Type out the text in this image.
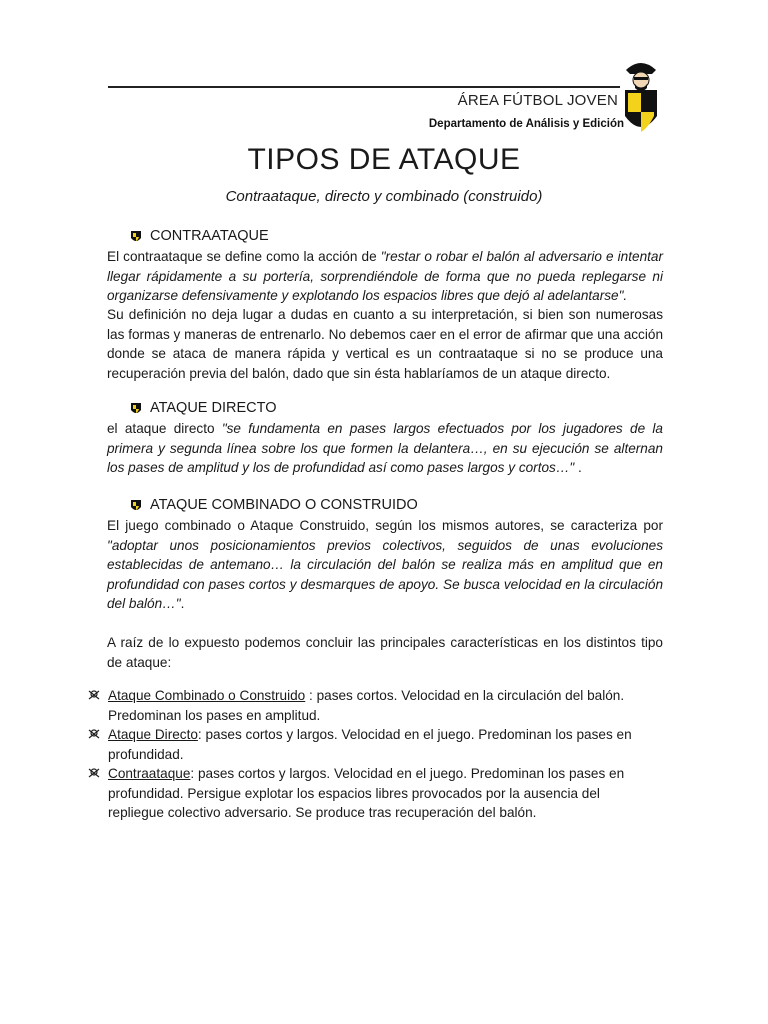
ÁREA FÚTBOL JOVEN
Departamento de Análisis y Edición
TIPOS DE ATAQUE
Contraataque, directo y combinado (construido)
CONTRAATAQUE
El contraataque se define como la acción de "restar o robar el balón al adversario e intentar llegar rápidamente a su portería, sorprendiéndole de forma que no pueda replegarse ni organizarse defensivamente y explotando los espacios libres que dejó al adelantarse".
Su definición no deja lugar a dudas en cuanto a su interpretación, si bien son numerosas las formas y maneras de entrenarlo. No debemos caer en el error de afirmar que una acción donde se ataca de manera rápida y vertical es un contraataque si no se produce una recuperación previa del balón, dado que sin ésta hablaríamos de un ataque directo.
ATAQUE DIRECTO
el ataque directo "se fundamenta en pases largos efectuados por los jugadores de la primera y segunda línea sobre los que formen la delantera…, en su ejecución se alternan los pases de amplitud y los de profundidad así como pases largos y cortos…" .
ATAQUE COMBINADO O CONSTRUIDO
El juego combinado o Ataque Construido, según los mismos autores, se caracteriza por "adoptar unos posicionamientos previos colectivos, seguidos de unas evoluciones establecidas de antemano… la circulación del balón se realiza más en amplitud que en profundidad con pases cortos y desmarques de apoyo. Se busca velocidad en la circulación del balón…".
A raíz de lo expuesto podemos concluir las principales características en los distintos tipo de ataque:

Ataque Combinado o Construido : pases cortos. Velocidad en la circulación del balón. Predominan los pases en amplitud.

Ataque Directo: pases cortos y largos. Velocidad en el juego. Predominan los pases en profundidad.

Contraataque: pases cortos y largos. Velocidad en el juego. Predominan los pases en profundidad. Persigue explotar los espacios libres provocados por la ausencia del repliegue colectivo adversario. Se produce tras recuperación del balón.
